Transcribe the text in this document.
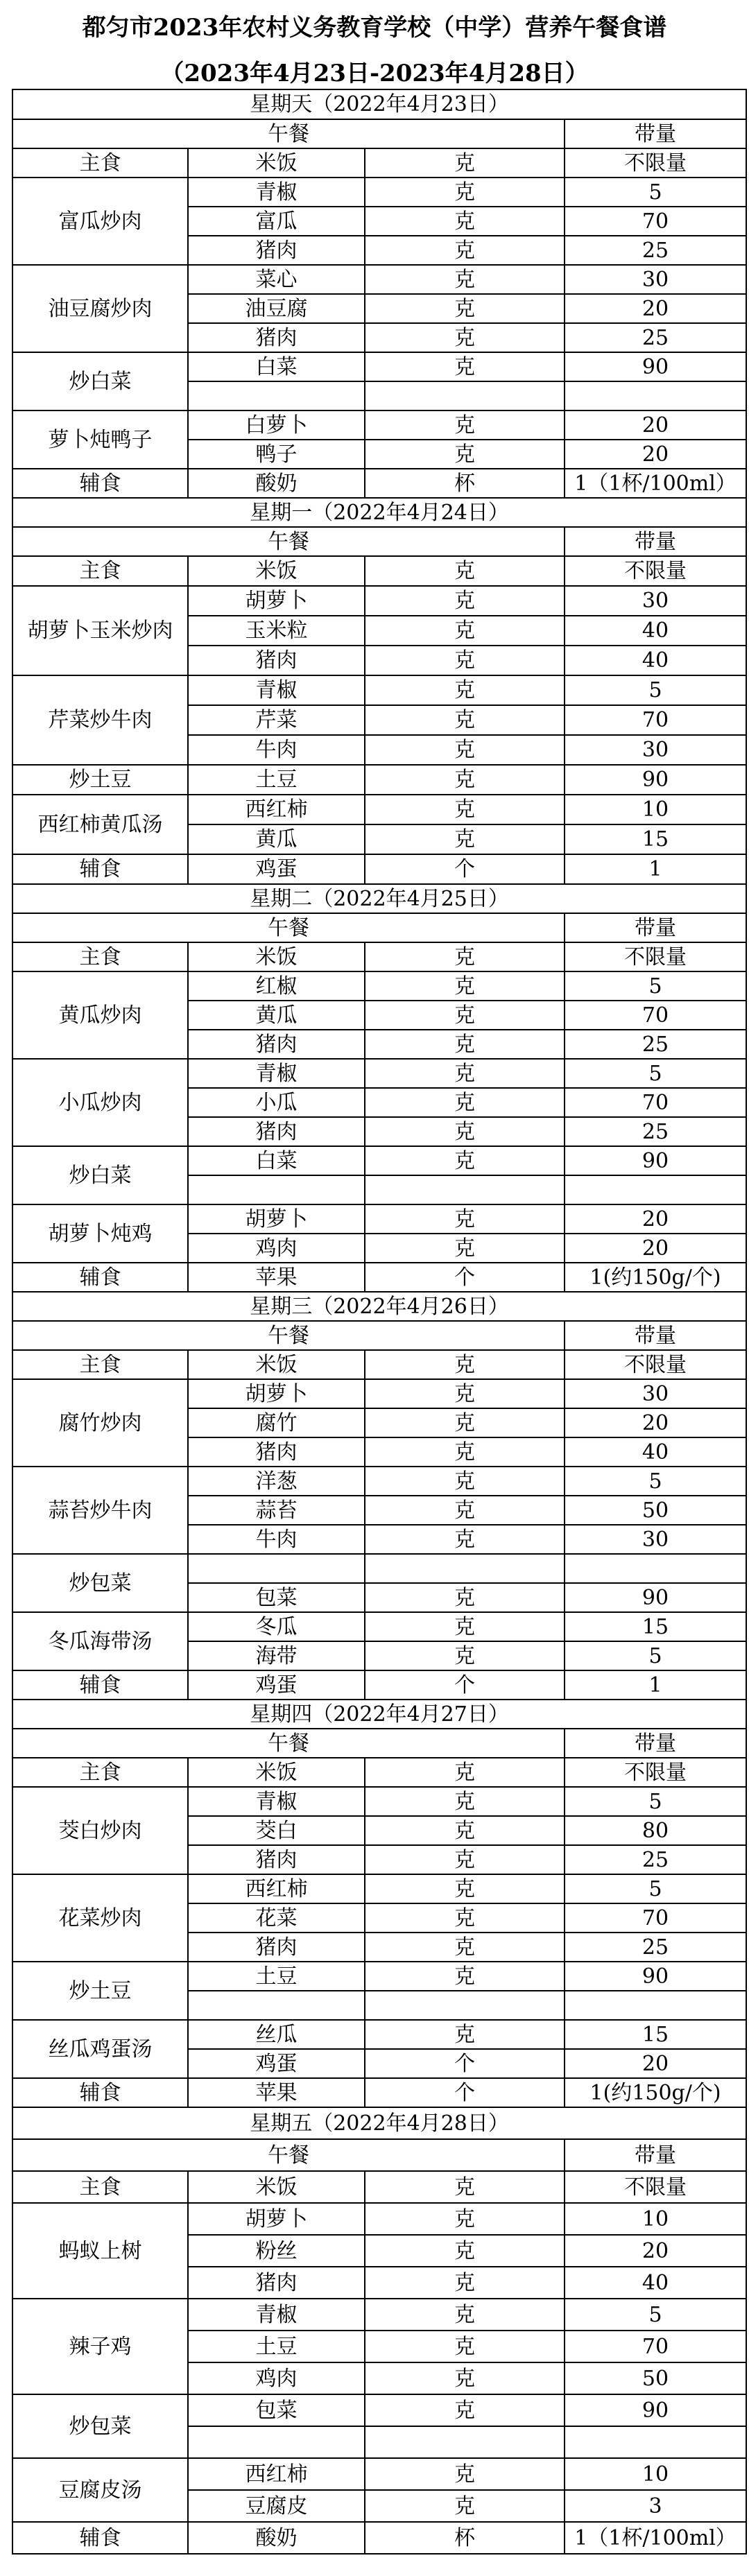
都匀市2023年农村义务教育学校（中学）营养午餐食谱
（2023年4月23日-2023年4月28日）
星期天（2022年4月23日）			
午餐			带量
主食	米饭	克	不限量
富瓜炒肉	青椒	克	5
	富瓜	克	70
	猪肉	克	25
油豆腐炒肉	菜心	克	30
	油豆腐	克	20
	猪肉	克	25
炒白菜	白菜	克	90

萝卜炖鸭子	白萝卜	克	20
	鸭子	克	20
辅食	酸奶	杯	1（1杯/100ml）
星期一（2022年4月24日）			
午餐			带量
主食	米饭	克	不限量
胡萝卜玉米炒肉	胡萝卜	克	30
	玉米粒	克	40
	猪肉	克	40
芹菜炒牛肉	青椒	克	5
	芹菜	克	70
	牛肉	克	30
炒土豆	土豆	克	90
西红柿黄瓜汤	西红柿	克	10
	黄瓜	克	15
辅食	鸡蛋	个	1
星期二（2022年4月25日）			
午餐			带量
主食	米饭	克	不限量
黄瓜炒肉	红椒	克	5
	黄瓜	克	70
	猪肉	克	25
小瓜炒肉	青椒	克	5
	小瓜	克	70
	猪肉	克	25
炒白菜	白菜	克	90

胡萝卜炖鸡	胡萝卜	克	20
	鸡肉	克	20
辅食	苹果	个	1(约150g/个)
星期三（2022年4月26日）			
午餐			带量
主食	米饭	克	不限量
腐竹炒肉	胡萝卜	克	30
	腐竹	克	20
	猪肉	克	40
蒜苔炒牛肉	洋葱	克	5
	蒜苔	克	50
	牛肉	克	30
炒包菜			
	包菜	克	90
冬瓜海带汤	冬瓜	克	15
	海带	克	5
辅食	鸡蛋	个	1
星期四（2022年4月27日）			
午餐			带量
主食	米饭	克	不限量
茭白炒肉	青椒	克	5
	茭白	克	80
	猪肉	克	25
花菜炒肉	西红柿	克	5
	花菜	克	70
	猪肉	克	25
炒土豆	土豆	克	90

丝瓜鸡蛋汤	丝瓜	克	15
	鸡蛋	个	20
辅食	苹果	个	1(约150g/个)
星期五（2022年4月28日）			
午餐			带量
主食	米饭	克	不限量
蚂蚁上树	胡萝卜	克	10
	粉丝	克	20
	猪肉	克	40
辣子鸡	青椒	克	5
	土豆	克	70
	鸡肉	克	50
炒包菜	包菜	克	90

豆腐皮汤	西红柿	克	10
	豆腐皮	克	3
辅食	酸奶	杯	1（1杯/100ml）
